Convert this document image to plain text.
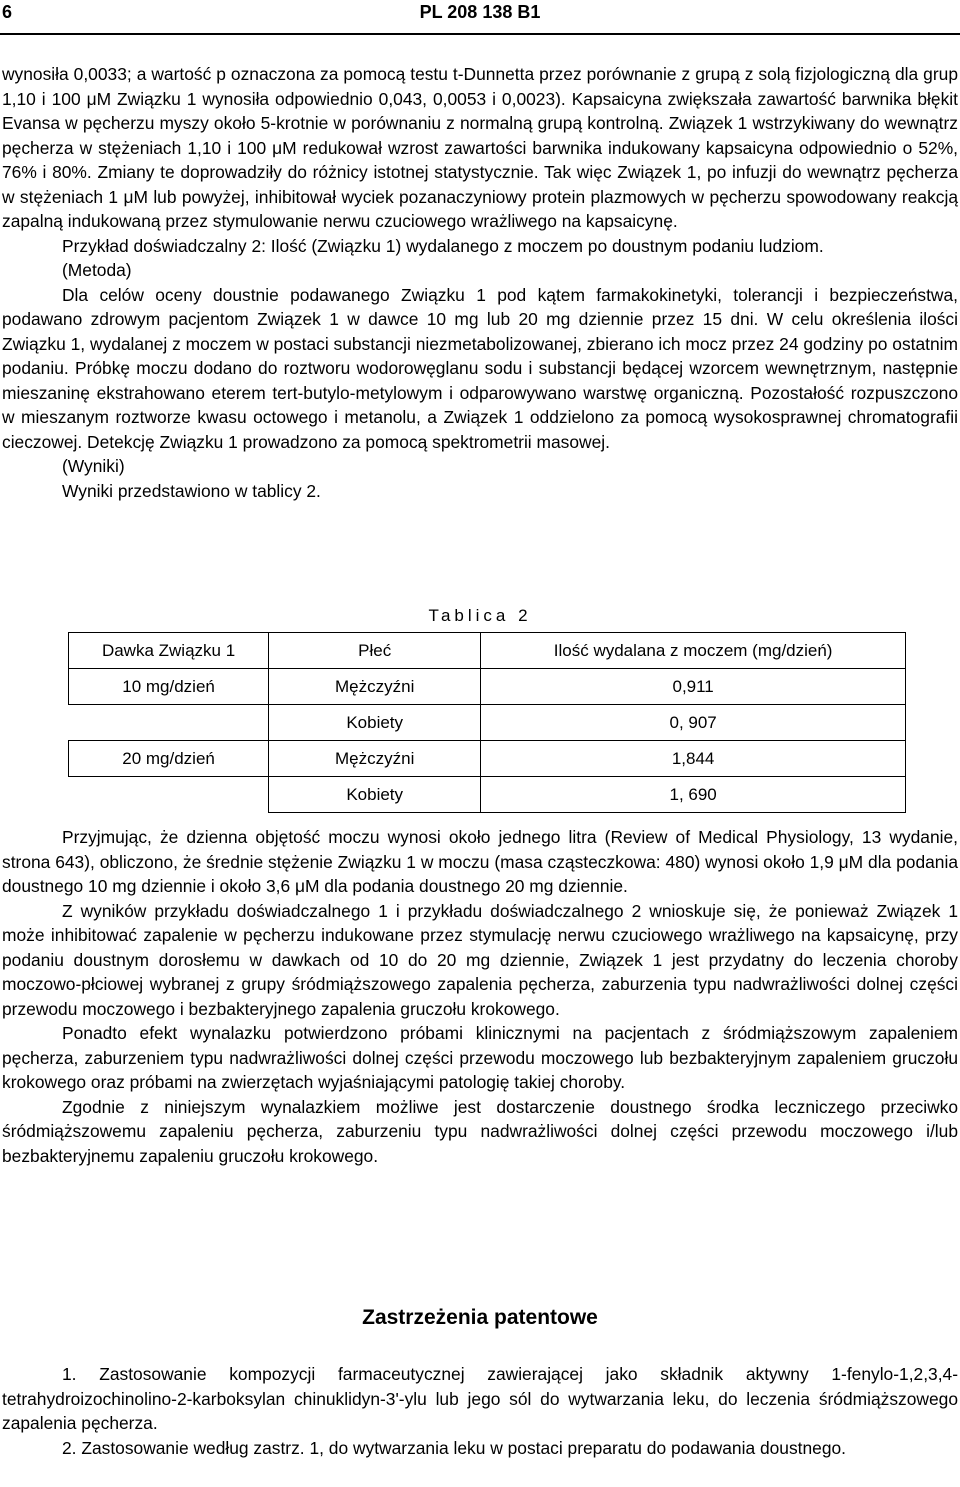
6	PL 208 138 B1

wynosiła 0,0033; a wartość p oznaczona za pomocą testu t-Dunnetta przez porównanie z grupą z solą fizjologiczną dla grup 1,10 i 100 μM Związku 1 wynosiła odpowiednio 0,043, 0,0053 i 0,0023). Kapsaicyna zwiększała zawartość barwnika błękit Evansa w pęcherzu myszy około 5-krotnie w porównaniu z normalną grupą kontrolną. Związek 1 wstrzykiwany do wewnątrz pęcherza w stężeniach 1,10 i 100 μM redukował wzrost zawartości barwnika indukowany kapsaicyna odpowiednio o 52%, 76% i 80%. Zmiany te doprowadziły do różnicy istotnej statystycznie. Tak więc Związek 1, po infuzji do wewnątrz pęcherza w stężeniach 1 μM lub powyżej, inhibitował wyciek pozanaczyniowy protein plazmowych w pęcherzu spowodowany reakcją zapalną indukowaną przez stymulowanie nerwu czuciowego wrażliwego na kapsaicynę.

Przykład doświadczalny 2: Ilość (Związku 1) wydalanego z moczem po doustnym podaniu ludziom.

(Metoda)

Dla celów oceny doustnie podawanego Związku 1 pod kątem farmakokinetyki, tolerancji i bezpieczeństwa, podawano zdrowym pacjentom Związek 1 w dawce 10 mg lub 20 mg dziennie przez 15 dni. W celu określenia ilości Związku 1, wydalanej z moczem w postaci substancji niezmetabolizowanej, zbierano ich mocz przez 24 godziny po ostatnim podaniu. Próbkę moczu dodano do roztworu wodorowęglanu sodu i substancji będącej wzorcem wewnętrznym, następnie mieszaninę ekstrahowano eterem tert-butylo-metylowym i odparowywano warstwę organiczną. Pozostałość rozpuszczono w mieszanym roztworze kwasu octowego i metanolu, a Związek 1 oddzielono za pomocą wysokosprawnej chromatografii cieczowej. Detekcję Związku 1 prowadzono za pomocą spektrometrii masowej.

(Wyniki)

Wyniki przedstawiono w tablicy 2.

Tablica 2
Dawka Związku 1	Płeć	Ilość wydalana z moczem (mg/dzień)
10 mg/dzień	Mężczyźni	0,911
	Kobiety	0, 907
20 mg/dzień	Mężczyźni	1,844
	Kobiety	1, 690

Przyjmując, że dzienna objętość moczu wynosi około jednego litra (Review of Medical Physiology, 13 wydanie, strona 643), obliczono, że średnie stężenie Związku 1 w moczu (masa cząsteczkowa: 480) wynosi około 1,9 μM dla podania doustnego 10 mg dziennie i około 3,6 μM dla podania doustnego 20 mg dziennie.

Z wyników przykładu doświadczalnego 1 i przykładu doświadczalnego 2 wnioskuje się, że ponieważ Związek 1 może inhibitować zapalenie w pęcherzu indukowane przez stymulację nerwu czuciowego wrażliwego na kapsaicynę, przy podaniu doustnym dorosłemu w dawkach od 10 do 20 mg dziennie, Związek 1 jest przydatny do leczenia choroby moczowo-płciowej wybranej z grupy śródmiąższowego zapalenia pęcherza, zaburzenia typu nadwrażliwości dolnej części przewodu moczowego i bezbakteryjnego zapalenia gruczołu krokowego.

Ponadto efekt wynalazku potwierdzono próbami klinicznymi na pacjentach z śródmiąższowym zapaleniem pęcherza, zaburzeniem typu nadwrażliwości dolnej części przewodu moczowego lub bezbakteryjnym zapaleniem gruczołu krokowego oraz próbami na zwierzętach wyjaśniającymi patologię takiej choroby.

Zgodnie z niniejszym wynalazkiem możliwe jest dostarczenie doustnego środka leczniczego przeciwko śródmiąższowemu zapaleniu pęcherza, zaburzeniu typu nadwrażliwości dolnej części przewodu moczowego i/lub bezbakteryjnemu zapaleniu gruczołu krokowego.

Zastrzeżenia patentowe

1. Zastosowanie kompozycji farmaceutycznej zawierającej jako składnik aktywny 1-fenylo-1,2,3,4-tetrahydroizochinolino-2-karboksylan chinuklidyn-3'-ylu lub jego sól do wytwarzania leku, do leczenia śródmiąższowego zapalenia pęcherza.

2. Zastosowanie według zastrz. 1, do wytwarzania leku w postaci preparatu do podawania doustnego.
